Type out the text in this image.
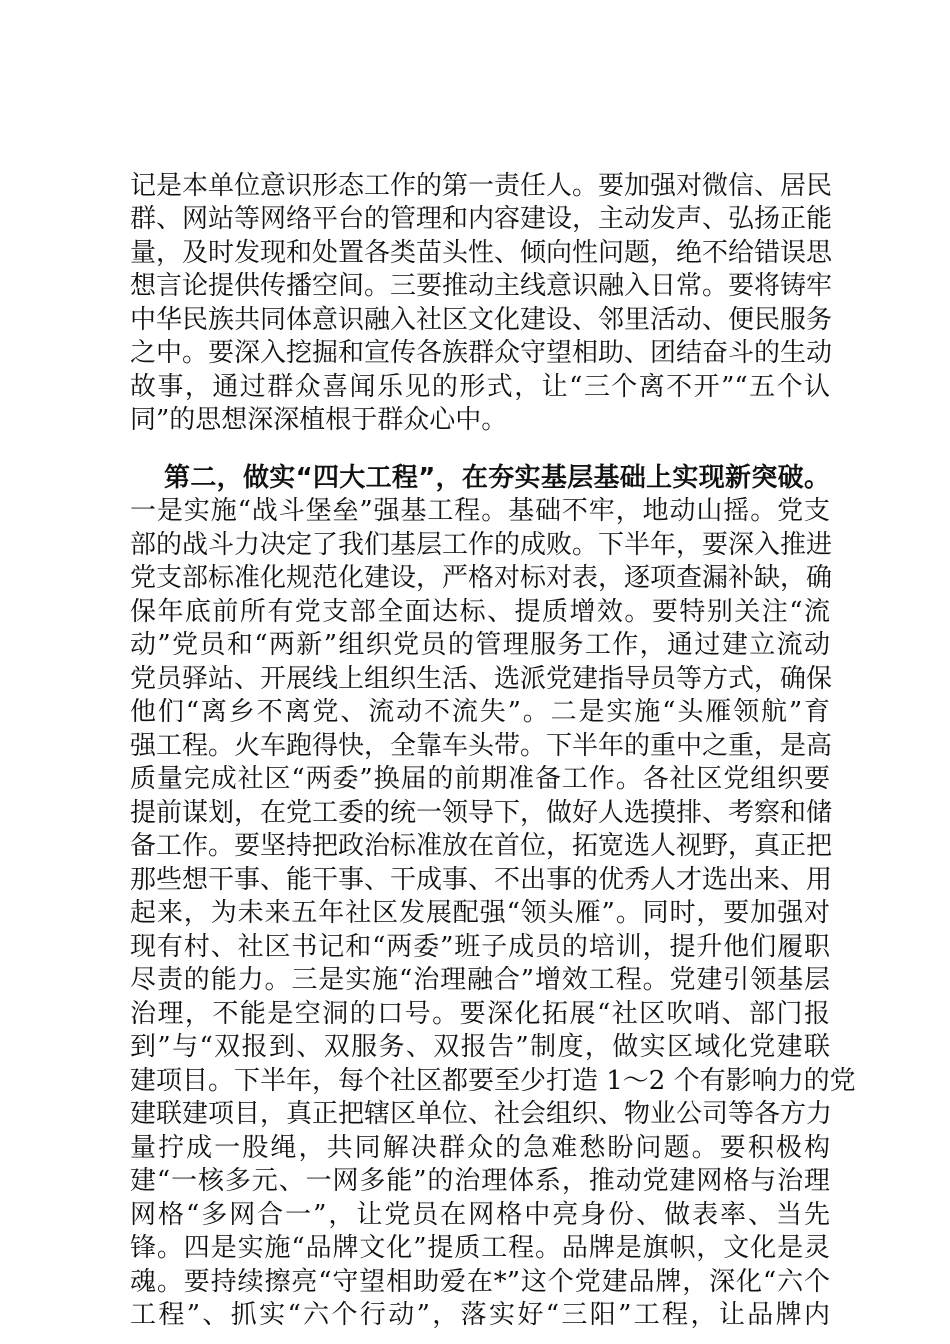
记是本单位意识形态工作的第一责任人。要加强对微信、居民
群、网站等网络平台的管理和内容建设，主动发声、弘扬正能
量，及时发现和处置各类苗头性、倾向性问题，绝不给错误思
想言论提供传播空间。三要推动主线意识融入日常。要将铸牢
中华民族共同体意识融入社区文化建设、邻里活动、便民服务
之中。要深入挖掘和宣传各族群众守望相助、团结奋斗的生动
故事，通过群众喜闻乐见的形式，让“三个离不开”“五个认
同”的思想深深植根于群众心中。
第二，做实“四大工程”，在夯实基层基础上实现新突破。
一是实施“战斗堡垒”强基工程。基础不牢，地动山摇。党支
部的战斗力决定了我们基层工作的成败。下半年，要深入推进
党支部标准化规范化建设，严格对标对表，逐项查漏补缺，确
保年底前所有党支部全面达标、提质增效。要特别关注“流
动”党员和“两新”组织党员的管理服务工作，通过建立流动
党员驿站、开展线上组织生活、选派党建指导员等方式，确保
他们“离乡不离党、流动不流失”。二是实施“头雁领航”育
强工程。火车跑得快，全靠车头带。下半年的重中之重，是高
质量完成社区“两委”换届的前期准备工作。各社区党组织要
提前谋划，在党工委的统一领导下，做好人选摸排、考察和储
备工作。要坚持把政治标准放在首位，拓宽选人视野，真正把
那些想干事、能干事、干成事、不出事的优秀人才选出来、用
起来，为未来五年社区发展配强“领头雁”。同时，要加强对
现有村、社区书记和“两委”班子成员的培训，提升他们履职
尽责的能力。三是实施“治理融合”增效工程。党建引领基层
治理，不能是空洞的口号。要深化拓展“社区吹哨、部门报
到”与“双报到、双服务、双报告”制度，做实区域化党建联
建项目。下半年，每个社区都要至少打造 1～2 个有影响力的党
建联建项目，真正把辖区单位、社会组织、物业公司等各方力
量拧成一股绳，共同解决群众的急难愁盼问题。要积极构
建“一核多元、一网多能”的治理体系，推动党建网格与治理
网格“多网合一”，让党员在网格中亮身份、做表率、当先
锋。四是实施“品牌文化”提质工程。品牌是旗帜，文化是灵
魂。要持续擦亮“守望相助爱在*”这个党建品牌，深化“六个
工程”、抓实“六个行动”，落实好“三阳”工程，让品牌内
